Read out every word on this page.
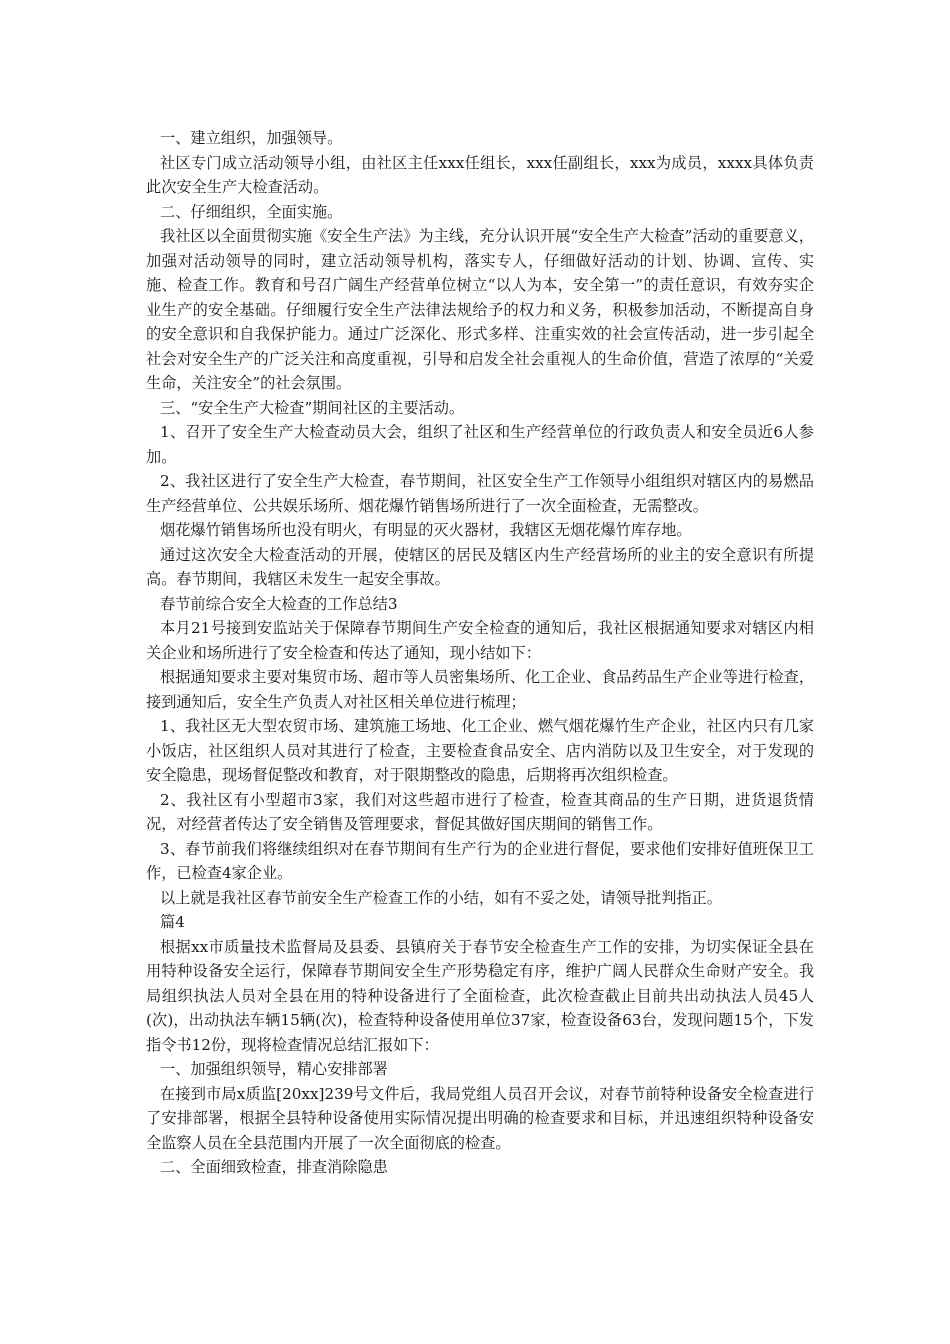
一、建立组织，加强领导。

社区专门成立活动领导小组，由社区主任xxx任组长，xxx任副组长，xxx为成员，xxxx具体负责此次安全生产大检查活动。

二、仔细组织，全面实施。

我社区以全面贯彻实施《安全生产法》为主线，充分认识开展“安全生产大检查”活动的重要意义，加强对活动领导的同时，建立活动领导机构，落实专人，仔细做好活动的计划、协调、宣传、实施、检查工作。教育和号召广阔生产经营单位树立“以人为本，安全第一”的责任意识，有效夯实企业生产的安全基础。仔细履行安全生产法律法规给予的权力和义务，积极参加活动，不断提高自身的安全意识和自我保护能力。通过广泛深化、形式多样、注重实效的社会宣传活动，进一步引起全社会对安全生产的广泛关注和高度重视，引导和启发全社会重视人的生命价值，营造了浓厚的“关爱生命，关注安全”的社会氛围。

三、“安全生产大检查”期间社区的主要活动。

1、召开了安全生产大检查动员大会，组织了社区和生产经营单位的行政负责人和安全员近6人参加。

2、我社区进行了安全生产大检查，春节期间，社区安全生产工作领导小组组织对辖区内的易燃品生产经营单位、公共娱乐场所、烟花爆竹销售场所进行了一次全面检查，无需整改。

烟花爆竹销售场所也没有明火，有明显的灭火器材，我辖区无烟花爆竹库存地。

通过这次安全大检查活动的开展，使辖区的居民及辖区内生产经营场所的业主的安全意识有所提高。春节期间，我辖区未发生一起安全事故。

春节前综合安全大检查的工作总结3

本月21号接到安监站关于保障春节期间生产安全检查的通知后，我社区根据通知要求对辖区内相关企业和场所进行了安全检查和传达了通知，现小结如下：

根据通知要求主要对集贸市场、超市等人员密集场所、化工企业、食品药品生产企业等进行检查，接到通知后，安全生产负责人对社区相关单位进行梳理；

1、我社区无大型农贸市场、建筑施工场地、化工企业、燃气烟花爆竹生产企业，社区内只有几家小饭店，社区组织人员对其进行了检查，主要检查食品安全、店内消防以及卫生安全，对于发现的安全隐患，现场督促整改和教育，对于限期整改的隐患，后期将再次组织检查。

2、我社区有小型超市3家，我们对这些超市进行了检查，检查其商品的生产日期，进货退货情况，对经营者传达了安全销售及管理要求，督促其做好国庆期间的销售工作。

3、春节前我们将继续组织对在春节期间有生产行为的企业进行督促，要求他们安排好值班保卫工作，已检查4家企业。

以上就是我社区春节前安全生产检查工作的小结，如有不妥之处，请领导批判指正。

篇4

根据xx市质量技术监督局及县委、县镇府关于春节安全检查生产工作的安排，为切实保证全县在用特种设备安全运行，保障春节期间安全生产形势稳定有序，维护广阔人民群众生命财产安全。我局组织执法人员对全县在用的特种设备进行了全面检查，此次检查截止目前共出动执法人员45人(次)，出动执法车辆15辆(次)，检查特种设备使用单位37家，检查设备63台，发现问题15个，下发指令书12份，现将检查情况总结汇报如下：

一、加强组织领导，精心安排部署

在接到市局x质监[20xx]239号文件后，我局党组人员召开会议，对春节前特种设备安全检查进行了安排部署，根据全县特种设备使用实际情况提出明确的检查要求和目标，并迅速组织特种设备安全监察人员在全县范围内开展了一次全面彻底的检查。

二、全面细致检查，排查消除隐患
